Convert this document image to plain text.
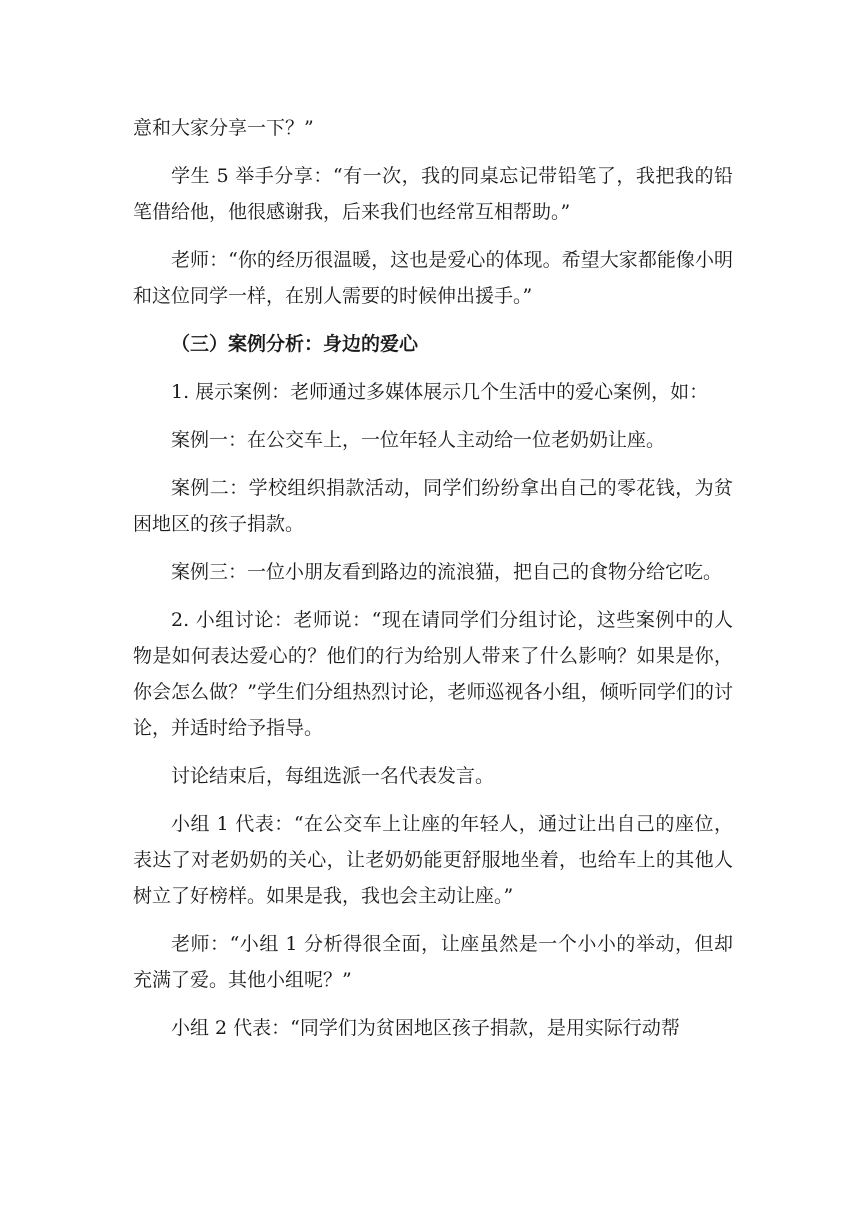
意和大家分享一下？”

学生 5 举手分享：“有一次，我的同桌忘记带铅笔了，我把我的铅笔借给他，他很感谢我，后来我们也经常互相帮助。”

老师：“你的经历很温暖，这也是爱心的体现。希望大家都能像小明和这位同学一样，在别人需要的时候伸出援手。”

（三）案例分析：身边的爱心

1. 展示案例：老师通过多媒体展示几个生活中的爱心案例，如：

案例一：在公交车上，一位年轻人主动给一位老奶奶让座。

案例二：学校组织捐款活动，同学们纷纷拿出自己的零花钱，为贫困地区的孩子捐款。

案例三：一位小朋友看到路边的流浪猫，把自己的食物分给它吃。

2. 小组讨论：老师说：“现在请同学们分组讨论，这些案例中的人物是如何表达爱心的？他们的行为给别人带来了什么影响？如果是你，你会怎么做？”学生们分组热烈讨论，老师巡视各小组，倾听同学们的讨论，并适时给予指导。

讨论结束后，每组选派一名代表发言。

小组 1 代表：“在公交车上让座的年轻人，通过让出自己的座位，表达了对老奶奶的关心，让老奶奶能更舒服地坐着，也给车上的其他人树立了好榜样。如果是我，我也会主动让座。”

老师：“小组 1 分析得很全面，让座虽然是一个小小的举动，但却充满了爱。其他小组呢？”

小组 2 代表：“同学们为贫困地区孩子捐款，是用实际行动帮
